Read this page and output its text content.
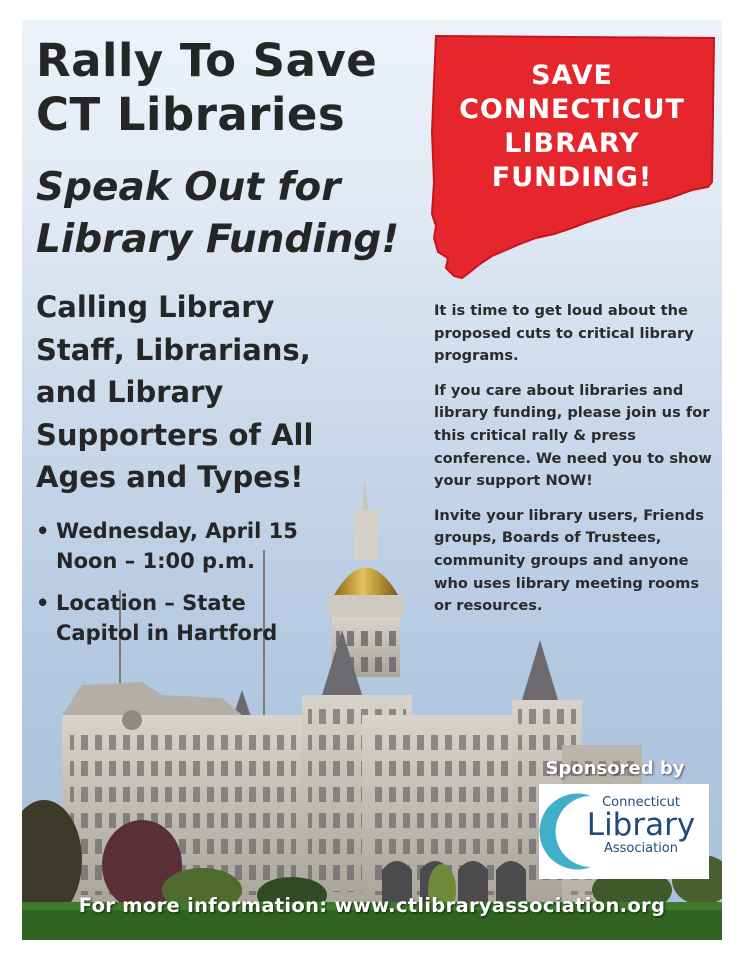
Rally To Save
CT Libraries
Speak Out for
Library Funding!
SAVE
CONNECTICUT
LIBRARY
FUNDING!
Calling Library
Staff, Librarians,
and Library
Supporters of All
Ages and Types!

It is time to get loud about the proposed cuts to critical library programs.

If you care about libraries and library funding, please join us for this critical rally & press conference. We need you to show your support NOW!

Invite your library users, Friends groups, Boards of Trustees, community groups and anyone who uses library meeting rooms or resources.

• Wednesday, April 15
Noon – 1:00 p.m.
• Location – State
Capitol in Hartford
Sponsored by
Connecticut
Library
Association
For more information: www.ctlibraryassociation.org
